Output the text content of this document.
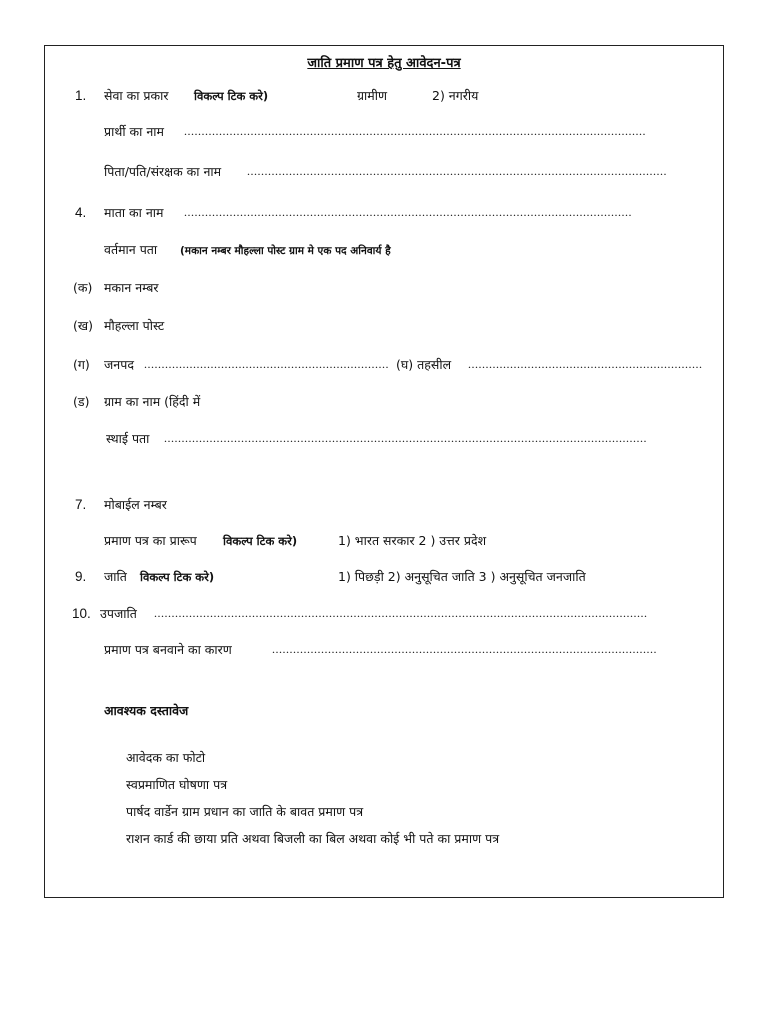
जाति प्रमाण पत्र हेतु आवेदन-पत्र
1. सेवा का प्रकार विकल्प टिक करे)	ग्रामीण	2) नगरीय
प्रार्थी का नाम ....................................................................................................................................
पिता/पति/संरक्षक का नाम ........................................................................................................................
4. माता का नाम ................................................................................................................................
वर्तमान पता (मकान नम्बर मौहल्ला पोस्ट ग्राम मे एक पद अनिवार्य है
(क) मकान नम्बर
(ख) मौहल्ला पोस्ट
(ग) जनपद ...................................................................... (घ) तहसील ...................................................................
(ड) ग्राम का नाम (हिंदी में
स्थाई पता ..........................................................................................................................................
7. मोबाईल नम्बर
प्रमाण पत्र का प्रारूप विकल्प टिक करे)	1) भारत सरकार 2 ) उत्तर प्रदेश
9. जाति विकल्प टिक करे)	1) पिछड़ी 2) अनुसूचित जाति 3 ) अनुसूचित जनजाति
10. उपजाति .............................................................................................................................................
प्रमाण पत्र बनवाने का कारण	..............................................................................................................
आवश्यक दस्तावेज
आवेदक का फोटो
स्वप्रमाणित घोषणा पत्र
पार्षद वार्डेन ग्राम प्रधान का जाति के बावत प्रमाण पत्र
राशन कार्ड की छाया प्रति अथवा बिजली का बिल अथवा कोई भी पते का प्रमाण पत्र
